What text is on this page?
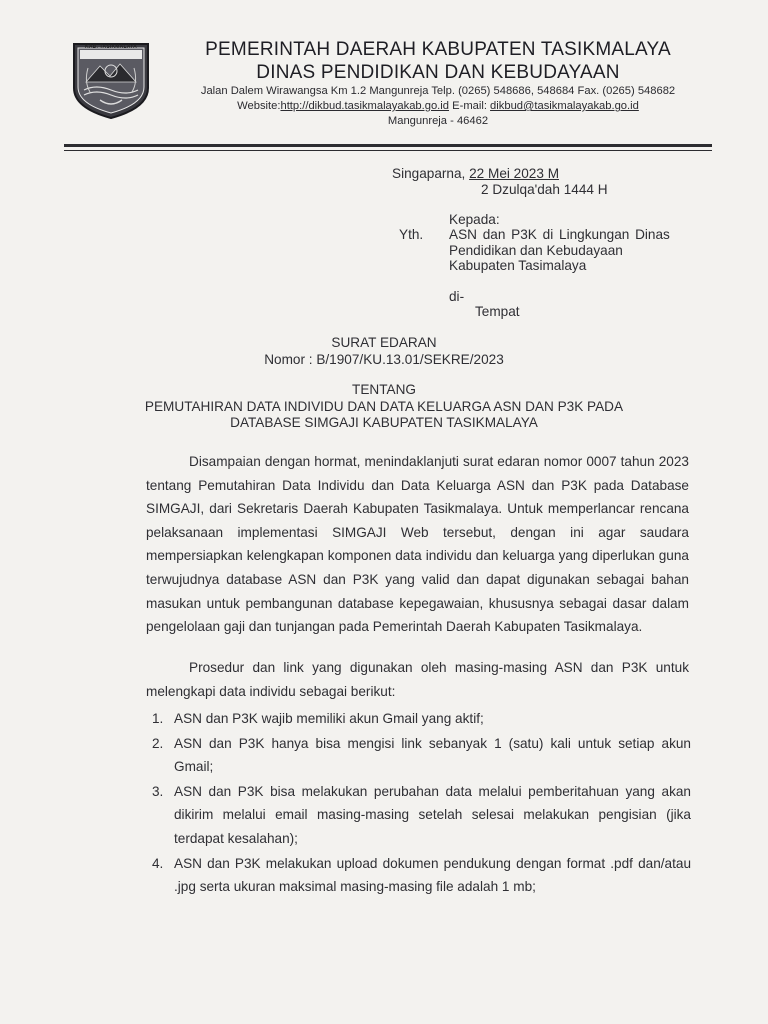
KAB. TASIKMALAYA	PEMERINTAH DAERAH KABUPATEN TASIKMALAYA
DINAS PENDIDIKAN DAN KEBUDAYAAN
Jalan Dalem Wirawangsa Km 1.2 Mangunreja Telp. (0265) 548686, 548684 Fax. (0265) 548682
Website:http://dikbud.tasikmalayakab.go.id E-mail: dikbud@tasikmalayakab.go.id
Mangunreja - 46462
Singaparna, 22 Mei 2023 M
2 Dzulqa'dah 1444 H
Kepada:
Yth. ASN dan P3K di Lingkungan Dinas
Pendidikan dan Kebudayaan
Kabupaten Tasimalaya
di-
Tempat
SURAT EDARAN
Nomor : B/1907/KU.13.01/SEKRE/2023
TENTANG
PEMUTAHIRAN DATA INDIVIDU DAN DATA KELUARGA ASN DAN P3K PADA
DATABASE SIMGAJI KABUPATEN TASIKMALAYA
Disampaian dengan hormat, menindaklanjuti surat edaran nomor 0007 tahun 2023 tentang Pemutahiran Data Individu dan Data Keluarga ASN dan P3K pada Database SIMGAJI, dari Sekretaris Daerah Kabupaten Tasikmalaya. Untuk memperlancar rencana pelaksanaan implementasi SIMGAJI Web tersebut, dengan ini agar saudara mempersiapkan kelengkapan komponen data individu dan keluarga yang diperlukan guna terwujudnya database ASN dan P3K yang valid dan dapat digunakan sebagai bahan masukan untuk pembangunan database kepegawaian, khususnya sebagai dasar dalam pengelolaan gaji dan tunjangan pada Pemerintah Daerah Kabupaten Tasikmalaya.
Prosedur dan link yang digunakan oleh masing-masing ASN dan P3K untuk melengkapi data individu sebagai berikut:
1. ASN dan P3K wajib memiliki akun Gmail yang aktif;
2. ASN dan P3K hanya bisa mengisi link sebanyak 1 (satu) kali untuk setiap akun Gmail;
3. ASN dan P3K bisa melakukan perubahan data melalui pemberitahuan yang akan dikirim melalui email masing-masing setelah selesai melakukan pengisian (jika terdapat kesalahan);
4. ASN dan P3K melakukan upload dokumen pendukung dengan format .pdf dan/atau .jpg serta ukuran maksimal masing-masing file adalah 1 mb;
